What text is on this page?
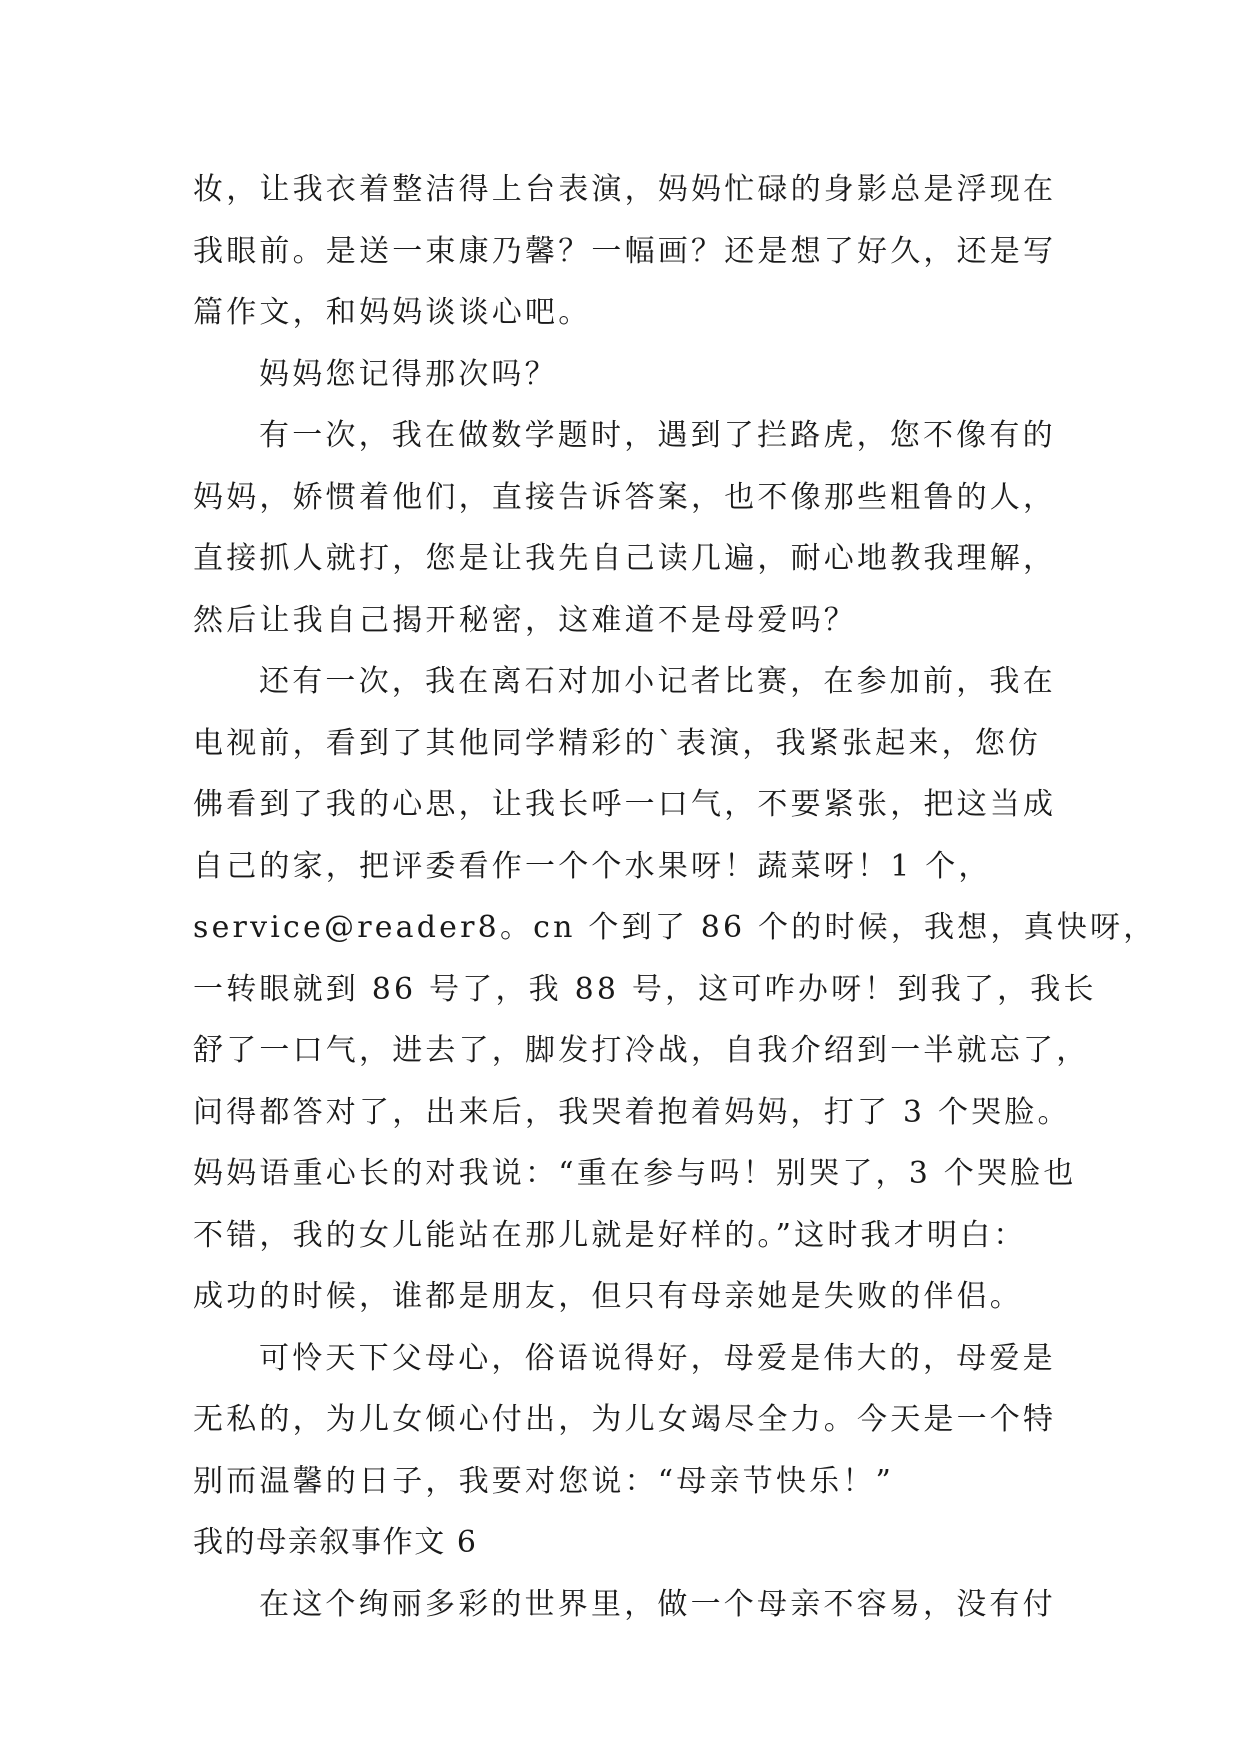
妆，让我衣着整洁得上台表演，妈妈忙碌的身影总是浮现在
我眼前。是送一束康乃馨？一幅画？还是想了好久，还是写
篇作文，和妈妈谈谈心吧。
妈妈您记得那次吗？
有一次，我在做数学题时，遇到了拦路虎，您不像有的
妈妈，娇惯着他们，直接告诉答案，也不像那些粗鲁的人，
直接抓人就打，您是让我先自己读几遍，耐心地教我理解，
然后让我自己揭开秘密，这难道不是母爱吗？
还有一次，我在离石对加小记者比赛，在参加前，我在
电视前，看到了其他同学精彩的`表演，我紧张起来，您仿
佛看到了我的心思，让我长呼一口气，不要紧张，把这当成
自己的家，把评委看作一个个水果呀！蔬菜呀！1 个，
service@reader8。cn 个到了 86 个的时候，我想，真快呀，
一转眼就到 86 号了，我 88 号，这可咋办呀！到我了，我长
舒了一口气，进去了，脚发打冷战，自我介绍到一半就忘了，
问得都答对了，出来后，我哭着抱着妈妈，打了 3 个哭脸。
妈妈语重心长的对我说：“重在参与吗！别哭了，3 个哭脸也
不错，我的女儿能站在那儿就是好样的。”这时我才明白：
成功的时候，谁都是朋友，但只有母亲她是失败的伴侣。
可怜天下父母心，俗语说得好，母爱是伟大的，母爱是
无私的，为儿女倾心付出，为儿女竭尽全力。今天是一个特
别而温馨的日子，我要对您说：“母亲节快乐！”
我的母亲叙事作文 6
在这个绚丽多彩的世界里，做一个母亲不容易，没有付
